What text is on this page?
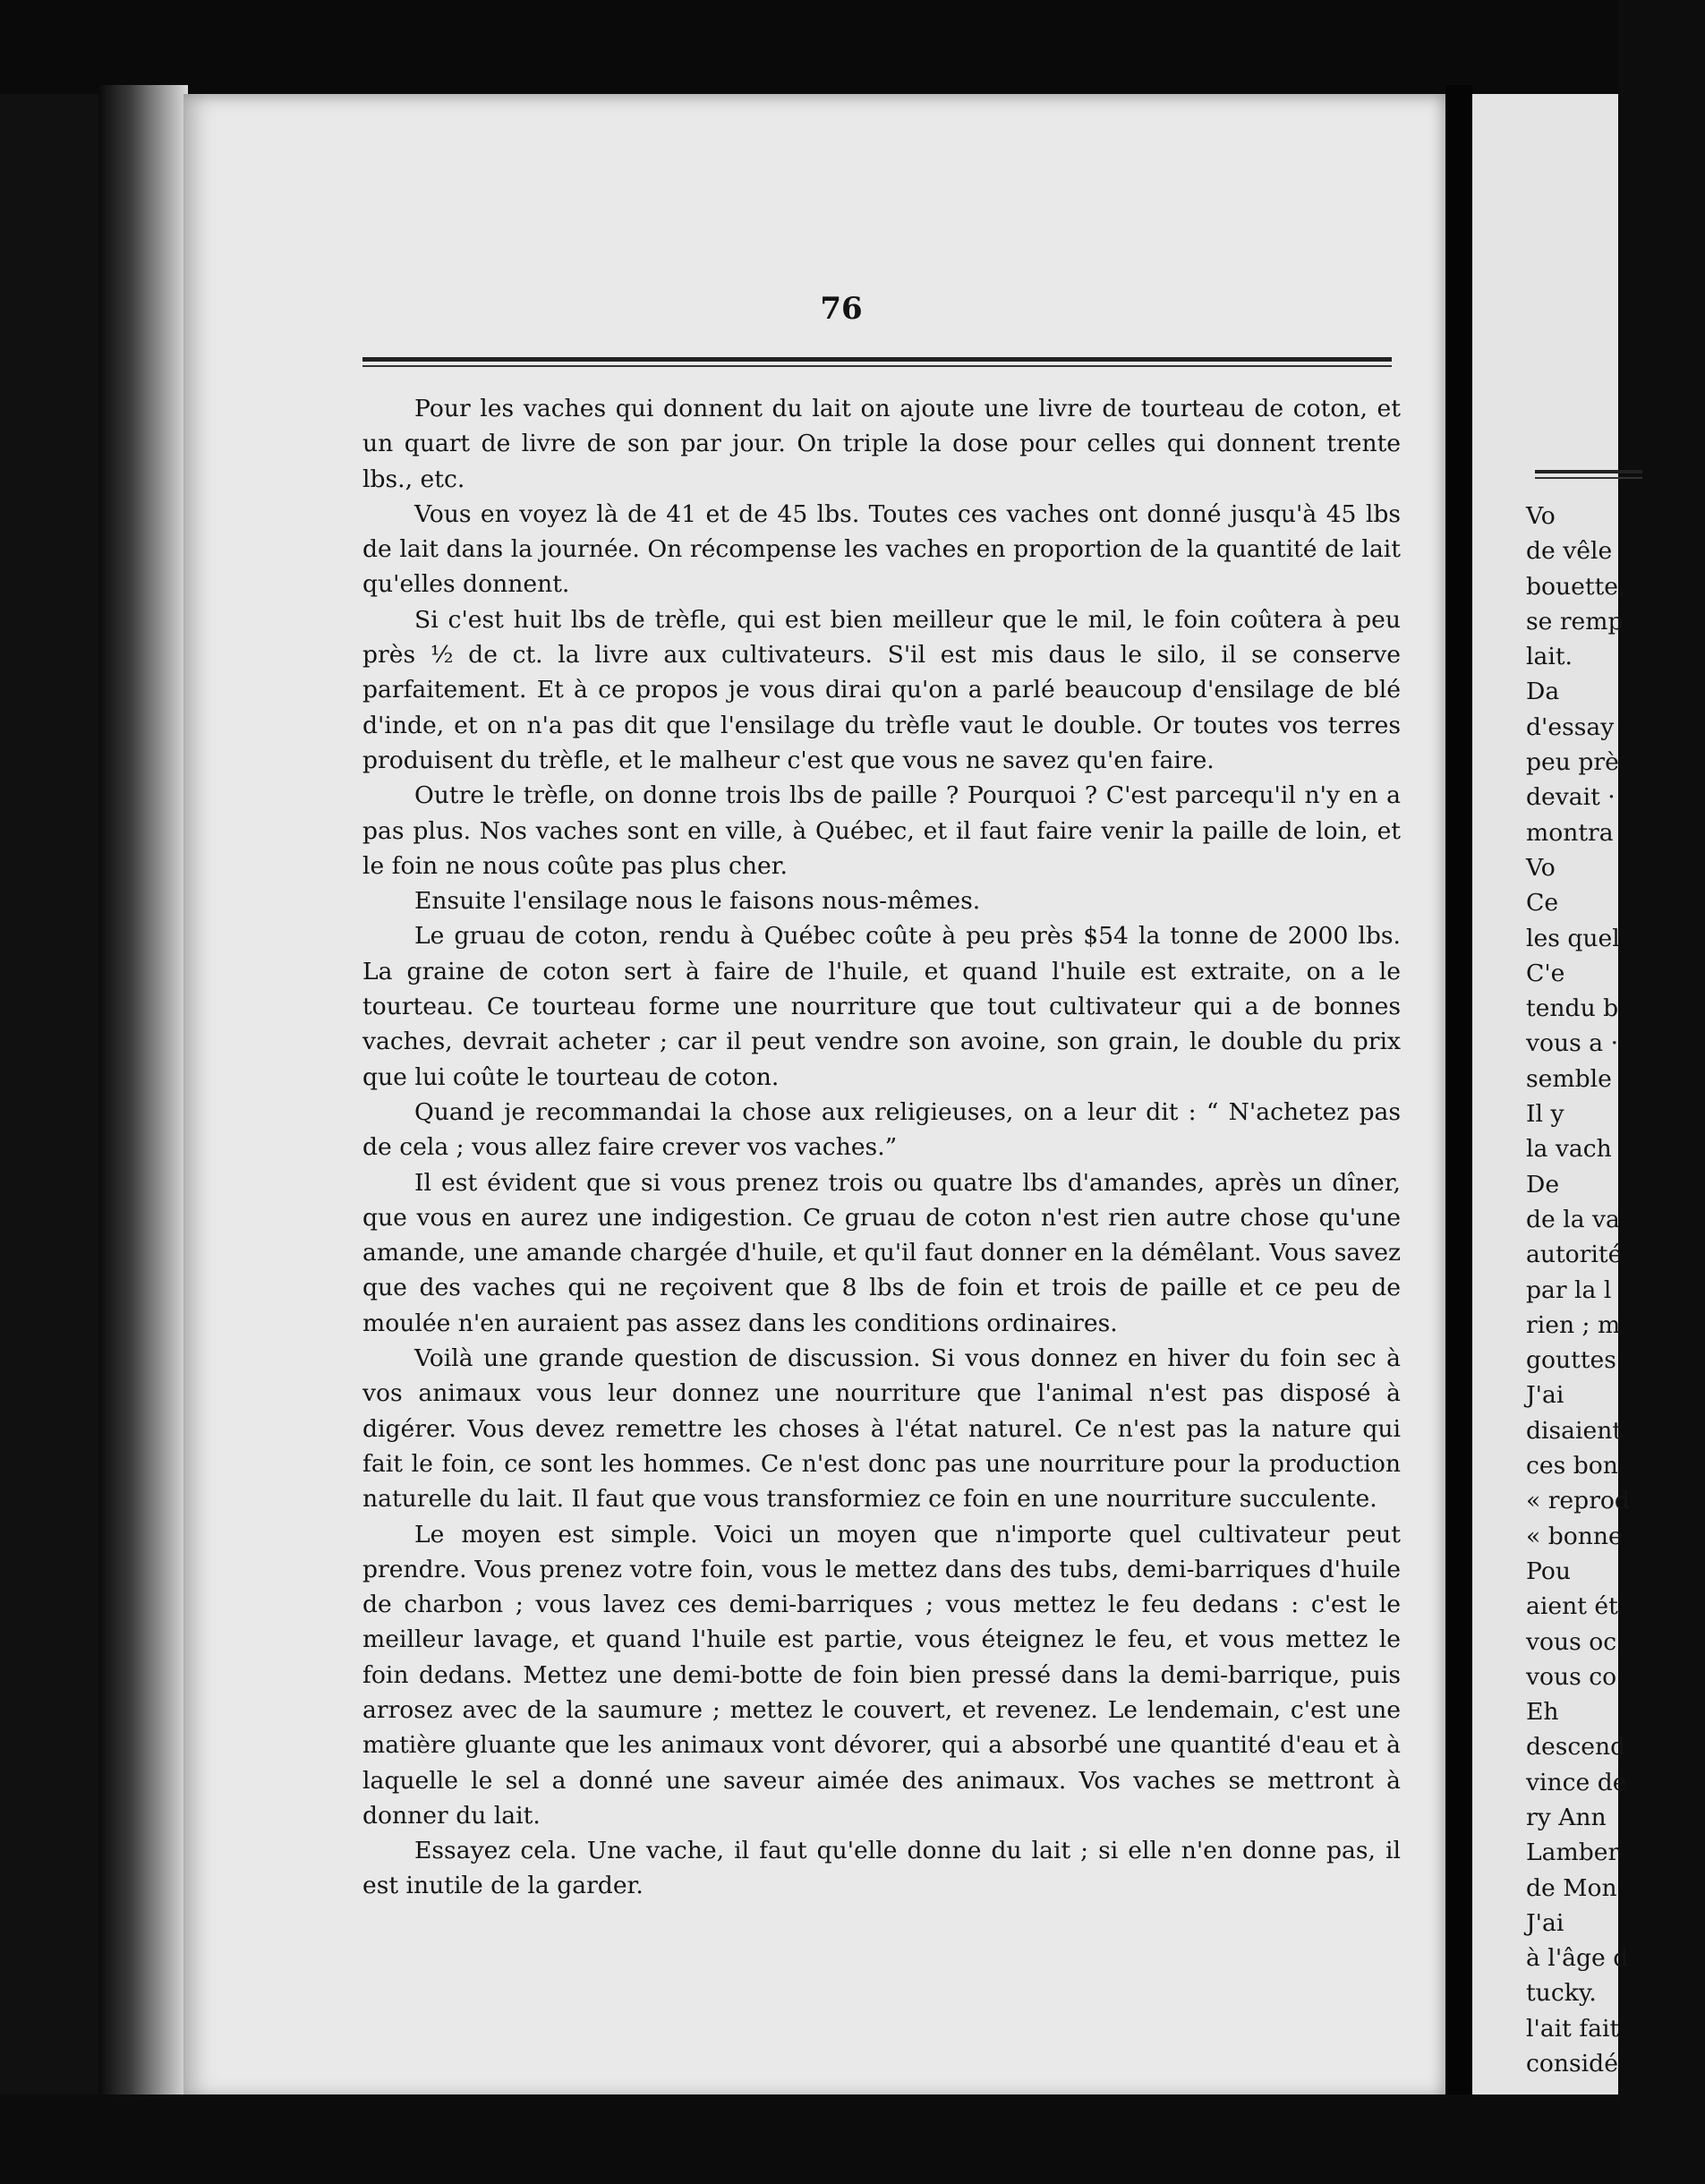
76

Pour les vaches qui donnent du lait on ajoute une livre de tourteau de coton, et un quart de livre de son par jour. On triple la dose pour celles qui donnent trente lbs., etc.

Vous en voyez là de 41 et de 45 lbs. Toutes ces vaches ont donné jusqu'à 45 lbs de lait dans la journée. On récompense les vaches en proportion de la quantité de lait qu'elles donnent.

Si c'est huit lbs de trèfle, qui est bien meilleur que le mil, le foin coûtera à peu près ½ de ct. la livre aux cultivateurs. S'il est mis daus le silo, il se conserve parfaitement. Et à ce propos je vous dirai qu'on a parlé beaucoup d'ensilage de blé d'inde, et on n'a pas dit que l'ensilage du trèfle vaut le double. Or toutes vos terres produisent du trèfle, et le malheur c'est que vous ne savez qu'en faire.

Outre le trèfle, on donne trois lbs de paille ? Pourquoi ? C'est parcequ'il n'y en a pas plus. Nos vaches sont en ville, à Québec, et il faut faire venir la paille de loin, et le foin ne nous coûte pas plus cher.

Ensuite l'ensilage nous le faisons nous-mêmes.

Le gruau de coton, rendu à Québec coûte à peu près $54 la tonne de 2000 lbs. La graine de coton sert à faire de l'huile, et quand l'huile est extraite, on a le tourteau. Ce tourteau forme une nourriture que tout cultivateur qui a de bonnes vaches, devrait acheter ; car il peut vendre son avoine, son grain, le double du prix que lui coûte le tourteau de coton.

Quand je recommandai la chose aux religieuses, on a leur dit : “ N'achetez pas de cela ; vous allez faire crever vos vaches.”

Il est évident que si vous prenez trois ou quatre lbs d'amandes, après un dîner, que vous en aurez une indigestion. Ce gruau de coton n'est rien autre chose qu'une amande, une amande chargée d'huile, et qu'il faut donner en la démêlant. Vous savez que des vaches qui ne reçoivent que 8 lbs de foin et trois de paille et ce peu de moulée n'en auraient pas assez dans les conditions ordinaires.

Voilà une grande question de discussion. Si vous donnez en hiver du foin sec à vos animaux vous leur donnez une nourriture que l'animal n'est pas disposé à digérer. Vous devez remettre les choses à l'état naturel. Ce n'est pas la nature qui fait le foin, ce sont les hommes. Ce n'est donc pas une nourriture pour la production naturelle du lait. Il faut que vous transformiez ce foin en une nourriture succulente.

Le moyen est simple. Voici un moyen que n'importe quel cultivateur peut prendre. Vous prenez votre foin, vous le mettez dans des tubs, demi-barriques d'huile de charbon ; vous lavez ces demi-barriques ; vous mettez le feu dedans : c'est le meilleur lavage, et quand l'huile est partie, vous éteignez le feu, et vous mettez le foin dedans. Mettez une demi-botte de foin bien pressé dans la demi-barrique, puis arrosez avec de la saumure ; mettez le couvert, et revenez. Le lendemain, c'est une matière gluante que les animaux vont dévorer, qui a absorbé une quantité d'eau et à laquelle le sel a donné une saveur aimée des animaux. Vos vaches se mettront à donner du lait.

Essayez cela. Une vache, il faut qu'elle donne du lait ; si elle n'en donne pas, il est inutile de la garder.

Vo
de vêle
bouette,
se remp
lait.
Da
d'essay
peu prè
devait ·
montra
Vo
Ce
les quel
C'e
tendu b
vous a ·
semble
Il y
la vach
De
de la va
autorité
par la l
rien ; m
gouttes
J'ai
disaient
ces bon
« reprod
« bonne
Pou
aient ét
vous oc
vous co
Eh
descend
vince de
ry Ann
Lamber
de Mon
J'ai
à l'âge d
tucky.
l'ait fait
considé
